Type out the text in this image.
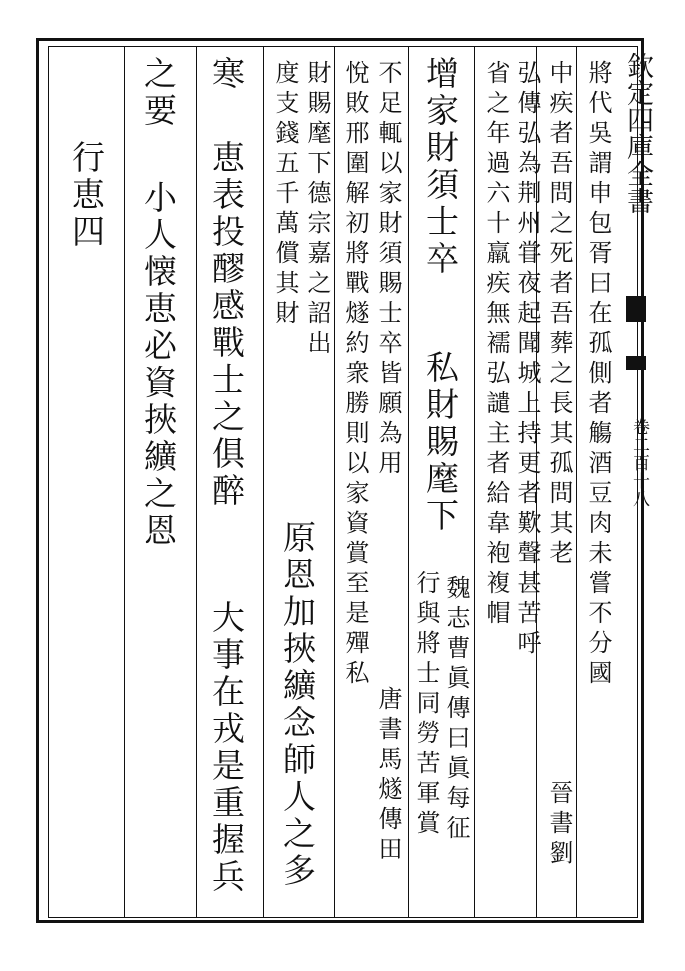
欽定四庫全書
卷二百十八
將代吳謂申包胥曰在孤側者觴酒豆肉未嘗不分國
中疾者吾問之死者吾葬之長其孤問其老
晉書劉
弘傳弘為荆州甞夜起聞城上持更者歎聲甚苦呼
省之年過六十羸疾無襦弘譴主者給韋袍複帽
增家財須士卒
私財賜麾下
魏志曹眞傳曰眞每征
行與將士同勞苦軍賞
不足輒以家財須賜士卒皆願為用
唐書馬燧傳田
悅敗邢圍解初將戰燧約衆勝則以家資賞至是殫私
財賜麾下德宗嘉之詔出
度支錢五千萬償其財
原恩加挾纊念師人之多
寒
恵表投醪感戰士之俱醉
大事在戎是重握兵
之要
小人懐恵必資挾纊之恩
行恵四
